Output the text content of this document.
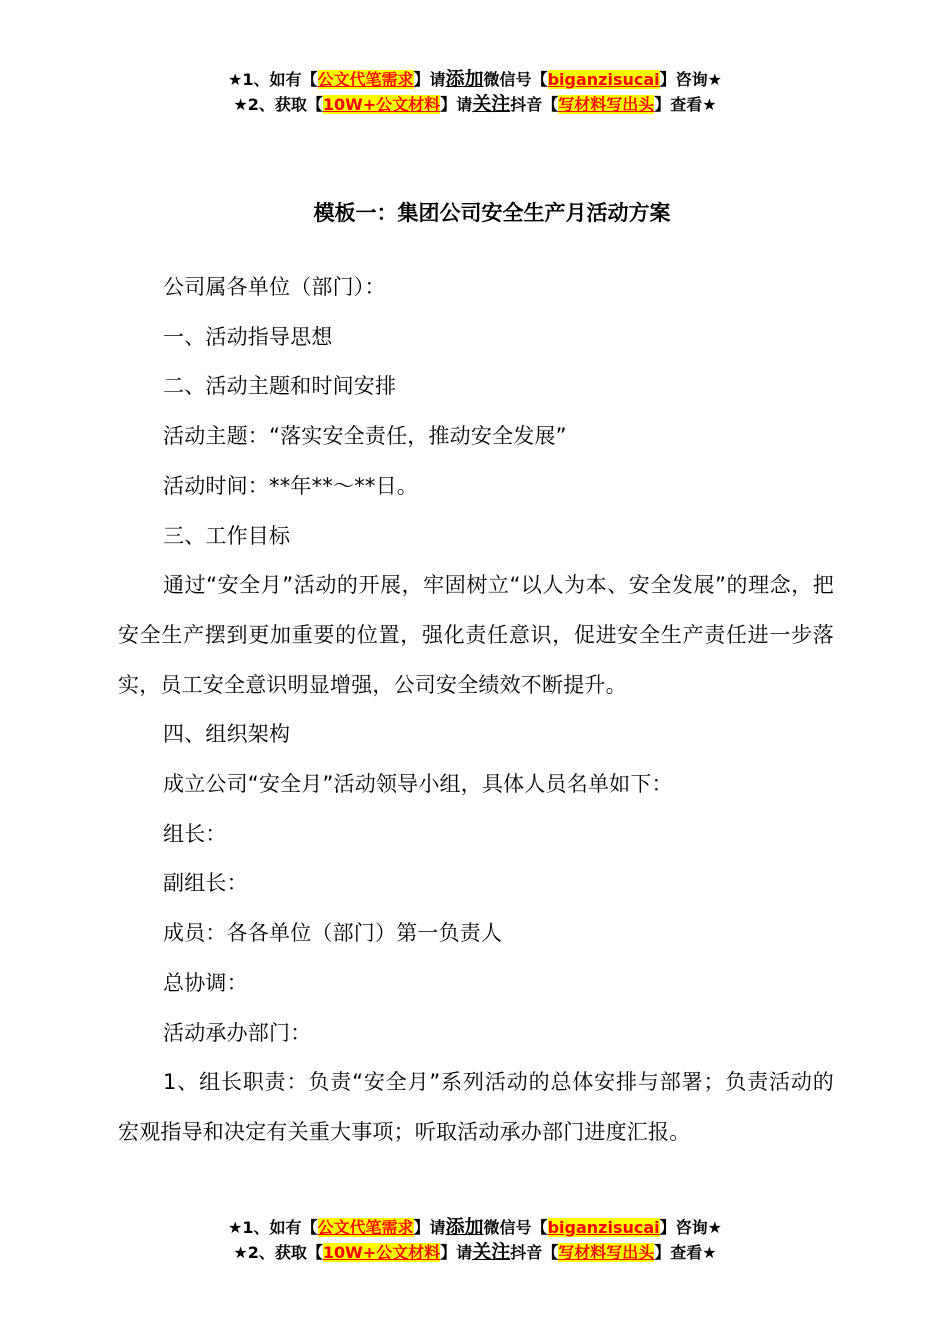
★1、如有【公文代笔需求】请添加微信号【biganzisucai】咨询★
★2、获取【10W+公文材料】请关注抖音【写材料写出头】查看★
模板一：集团公司安全生产月活动方案

公司属各单位（部门）：

一、活动指导思想

二、活动主题和时间安排

活动主题：“落实安全责任，推动安全发展”

活动时间：**年**～**日。

三、工作目标

通过“安全月”活动的开展，牢固树立“以人为本、安全发展”的理念，把安全生产摆到更加重要的位置，强化责任意识，促进安全生产责任进一步落实，员工安全意识明显增强，公司安全绩效不断提升。

四、组织架构

成立公司“安全月”活动领导小组，具体人员名单如下：

组长：

副组长：

成员：各各单位（部门）第一负责人

总协调：

活动承办部门：

1、组长职责：负责“安全月”系列活动的总体安排与部署；负责活动的宏观指导和决定有关重大事项；听取活动承办部门进度汇报。

★1、如有【公文代笔需求】请添加微信号【biganzisucai】咨询★
★2、获取【10W+公文材料】请关注抖音【写材料写出头】查看★
